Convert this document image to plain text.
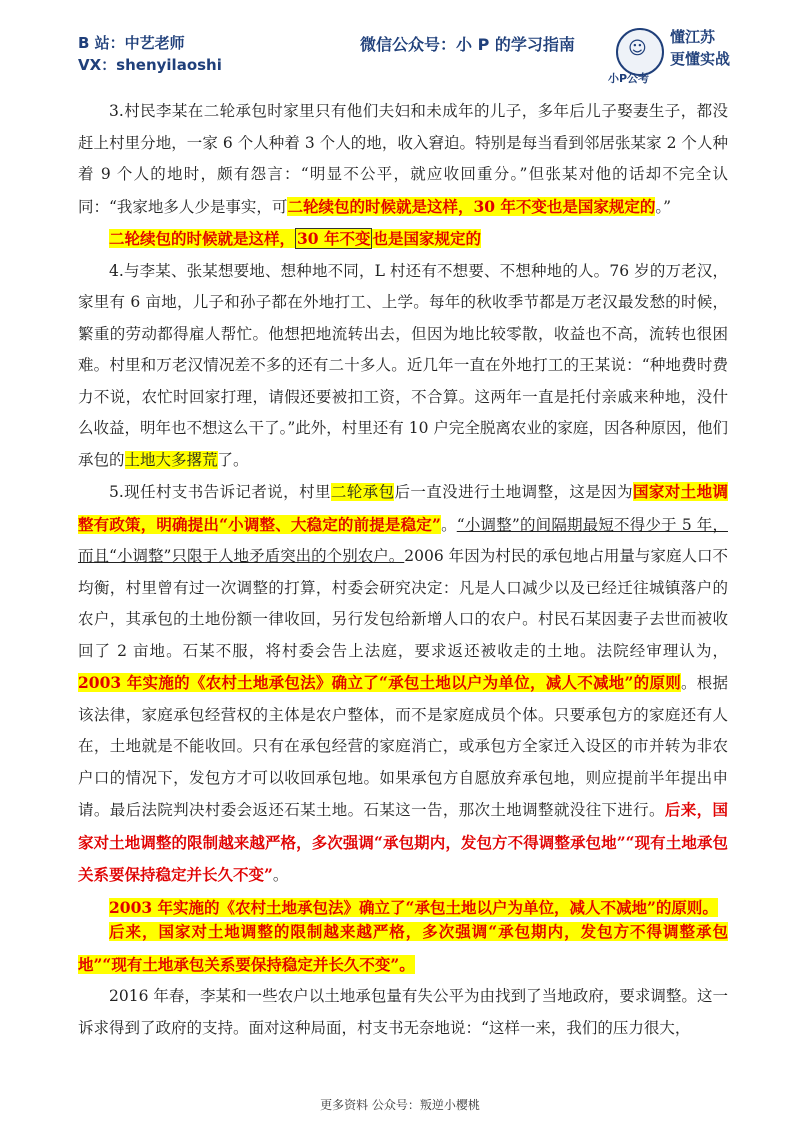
B 站：中艺老师
VX：shenyilaoshi
微信公众号：小 P 的学习指南	☺
小P公考
懂江苏
更懂实战

3.村民李某在二轮承包时家里只有他们夫妇和未成年的儿子，多年后儿子娶妻生子，都没赶上村里分地，一家 6 个人种着 3 个人的地，收入窘迫。特别是每当看到邻居张某家 2 个人种着 9 个人的地时，颇有怨言：“明显不公平，就应收回重分。”但张某对他的话却不完全认同：“我家地多人少是事实，可二轮续包的时候就是这样，30 年不变也是国家规定的。”

二轮续包的时候就是这样， 30 年不变 也是国家规定的

4.与李某、张某想要地、想种地不同，L 村还有不想要、不想种地的人。76 岁的万老汉，家里有 6 亩地，儿子和孙子都在外地打工、上学。每年的秋收季节都是万老汉最发愁的时候，繁重的劳动都得雇人帮忙。他想把地流转出去，但因为地比较零散，收益也不高，流转也很困难。村里和万老汉情况差不多的还有二十多人。近几年一直在外地打工的王某说：“种地费时费力不说，农忙时回家打理，请假还要被扣工资，不合算。这两年一直是托付亲戚来种地，没什么收益，明年也不想这么干了。”此外，村里还有 10 户完全脱离农业的家庭，因各种原因，他们承包的土地大多撂荒了。

5.现任村支书告诉记者说，村里二轮承包后一直没进行土地调整，这是因为国家对土地调整有政策，明确提出“小调整、大稳定的前提是稳定”。“小调整”的间隔期最短不得少于 5 年，而且“小调整”只限于人地矛盾突出的个别农户。2006 年因为村民的承包地占用量与家庭人口不均衡，村里曾有过一次调整的打算，村委会研究决定：凡是人口减少以及已经迁往城镇落户的农户，其承包的土地份额一律收回，另行发包给新增人口的农户。村民石某因妻子去世而被收回了 2 亩地。石某不服，将村委会告上法庭，要求返还被收走的土地。法院经审理认为，2003 年实施的《农村土地承包法》确立了“承包土地以户为单位，减人不减地”的原则。根据该法律，家庭承包经营权的主体是农户整体，而不是家庭成员个体。只要承包方的家庭还有人在，土地就是不能收回。只有在承包经营的家庭消亡，或承包方全家迁入设区的市并转为非农户口的情况下，发包方才可以收回承包地。如果承包方自愿放弃承包地，则应提前半年提出申请。最后法院判决村委会返还石某土地。石某这一告，那次土地调整就没往下进行。后来，国家对土地调整的限制越来越严格，多次强调“承包期内，发包方不得调整承包地”“现有土地承包关系要保持稳定并长久不变”。

2003 年实施的《农村土地承包法》确立了“承包土地以户为单位，减人不减地”的原则。

后来，国家对土地调整的限制越来越严格，多次强调“承包期内，发包方不得调整承包地”“现有土地承包关系要保持稳定并长久不变”。

2016 年春，李某和一些农户以土地承包量有失公平为由找到了当地政府，要求调整。这一诉求得到了政府的支持。面对这种局面，村支书无奈地说：“这样一来，我们的压力很大，

更多资料 公众号：叛逆小樱桃
